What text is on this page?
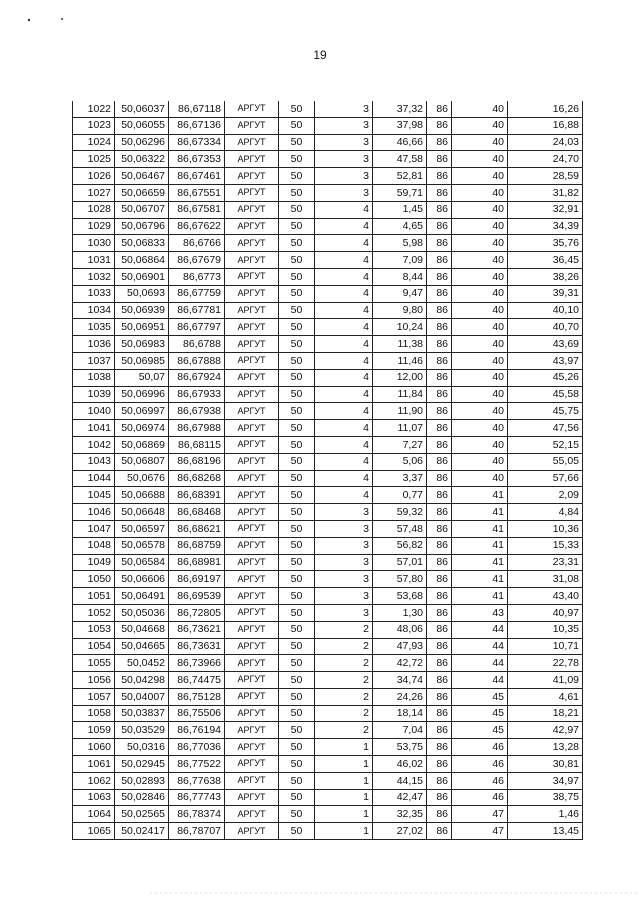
19
1022	50,06037	86,67118	АРГУТ	50	3	37,32	86	40	16,26
1023	50,06055	86,67136	АРГУТ	50	3	37,98	86	40	16,88
1024	50,06296	86,67334	АРГУТ	50	3	46,66	86	40	24,03
1025	50,06322	86,67353	АРГУТ	50	3	47,58	86	40	24,70
1026	50,06467	86,67461	АРГУТ	50	3	52,81	86	40	28,59
1027	50,06659	86,67551	АРГУТ	50	3	59,71	86	40	31,82
1028	50,06707	86,67581	АРГУТ	50	4	1,45	86	40	32,91
1029	50,06796	86,67622	АРГУТ	50	4	4,65	86	40	34,39
1030	50,06833	86,6766	АРГУТ	50	4	5,98	86	40	35,76
1031	50,06864	86,67679	АРГУТ	50	4	7,09	86	40	36,45
1032	50,06901	86,6773	АРГУТ	50	4	8,44	86	40	38,26
1033	50,0693	86,67759	АРГУТ	50	4	9,47	86	40	39,31
1034	50,06939	86,67781	АРГУТ	50	4	9,80	86	40	40,10
1035	50,06951	86,67797	АРГУТ	50	4	10,24	86	40	40,70
1036	50,06983	86,6788	АРГУТ	50	4	11,38	86	40	43,69
1037	50,06985	86,67888	АРГУТ	50	4	11,46	86	40	43,97
1038	50,07	86,67924	АРГУТ	50	4	12,00	86	40	45,26
1039	50,06996	86,67933	АРГУТ	50	4	11,84	86	40	45,58
1040	50,06997	86,67938	АРГУТ	50	4	11,90	86	40	45,75
1041	50,06974	86,67988	АРГУТ	50	4	11,07	86	40	47,56
1042	50,06869	86,68115	АРГУТ	50	4	7,27	86	40	52,15
1043	50,06807	86,68196	АРГУТ	50	4	5,06	86	40	55,05
1044	50,0676	86,68268	АРГУТ	50	4	3,37	86	40	57,66
1045	50,06688	86,68391	АРГУТ	50	4	0,77	86	41	2,09
1046	50,06648	86,68468	АРГУТ	50	3	59,32	86	41	4,84
1047	50,06597	86,68621	АРГУТ	50	3	57,48	86	41	10,36
1048	50,06578	86,68759	АРГУТ	50	3	56,82	86	41	15,33
1049	50,06584	86,68981	АРГУТ	50	3	57,01	86	41	23,31
1050	50,06606	86,69197	АРГУТ	50	3	57,80	86	41	31,08
1051	50,06491	86,69539	АРГУТ	50	3	53,68	86	41	43,40
1052	50,05036	86,72805	АРГУТ	50	3	1,30	86	43	40,97
1053	50,04668	86,73621	АРГУТ	50	2	48,06	86	44	10,35
1054	50,04665	86,73631	АРГУТ	50	2	47,93	86	44	10,71
1055	50,0452	86,73966	АРГУТ	50	2	42,72	86	44	22,78
1056	50,04298	86,74475	АРГУТ	50	2	34,74	86	44	41,09
1057	50,04007	86,75128	АРГУТ	50	2	24,26	86	45	4,61
1058	50,03837	86,75506	АРГУТ	50	2	18,14	86	45	18,21
1059	50,03529	86,76194	АРГУТ	50	2	7,04	86	45	42,97
1060	50,0316	86,77036	АРГУТ	50	1	53,75	86	46	13,28
1061	50,02945	86,77522	АРГУТ	50	1	46,02	86	46	30,81
1062	50,02893	86,77638	АРГУТ	50	1	44,15	86	46	34,97
1063	50,02846	86,77743	АРГУТ	50	1	42,47	86	46	38,75
1064	50,02565	86,78374	АРГУТ	50	1	32,35	86	47	1,46
1065	50,02417	86,78707	АРГУТ	50	1	27,02	86	47	13,45
